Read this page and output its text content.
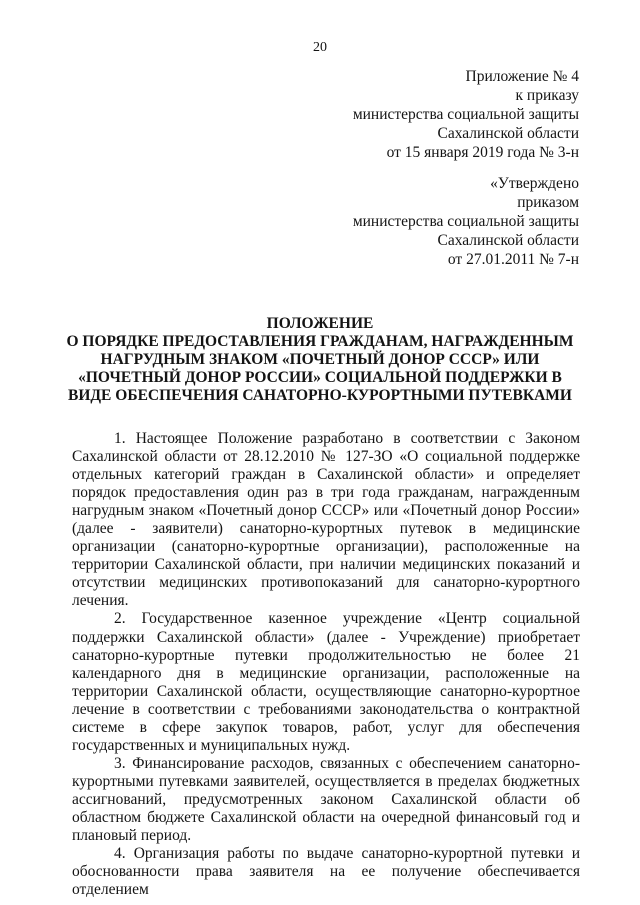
20
Приложение № 4
к приказу
министерства социальной защиты
Сахалинской области
от 15 января 2019 года № 3-н
«Утверждено
приказом
министерства социальной защиты
Сахалинской области
от 27.01.2011 № 7-н
ПОЛОЖЕНИЕ
О ПОРЯДКЕ ПРЕДОСТАВЛЕНИЯ ГРАЖДАНАМ, НАГРАЖДЕННЫМ
НАГРУДНЫМ ЗНАКОМ «ПОЧЕТНЫЙ ДОНОР СССР» ИЛИ
«ПОЧЕТНЫЙ ДОНОР РОССИИ» СОЦИАЛЬНОЙ ПОДДЕРЖКИ В
ВИДЕ ОБЕСПЕЧЕНИЯ САНАТОРНО-КУРОРТНЫМИ ПУТЕВКАМИ

1. Настоящее Положение разработано в соответствии с Законом Сахалинской области от 28.12.2010 № 127-ЗО «О социальной поддержке отдельных категорий граждан в Сахалинской области» и определяет порядок предоставления один раз в три года гражданам, награжденным нагрудным знаком «Почетный донор СССР» или «Почетный донор России» (далее - заявители) санаторно-курортных путевок в медицинские организации (санаторно-курортные организации), расположенные на территории Сахалинской области, при наличии медицинских показаний и отсутствии медицинских противопоказаний для санаторно-курортного лечения.

2. Государственное казенное учреждение «Центр социальной поддержки Сахалинской области» (далее - Учреждение) приобретает санаторно-курортные путевки продолжительностью не более 21 календарного дня в медицинские организации, расположенные на территории Сахалинской области, осуществляющие санаторно-курортное лечение в соответствии с требованиями законодательства о контрактной системе в сфере закупок товаров, работ, услуг для обеспечения государственных и муниципальных нужд.

3. Финансирование расходов, связанных с обеспечением санаторно-курортными путевками заявителей, осуществляется в пределах бюджетных ассигнований, предусмотренных законом Сахалинской области об областном бюджете Сахалинской области на очередной финансовый год и плановый период.

4. Организация работы по выдаче санаторно-курортной путевки и обоснованности права заявителя на ее получение обеспечивается отделением
